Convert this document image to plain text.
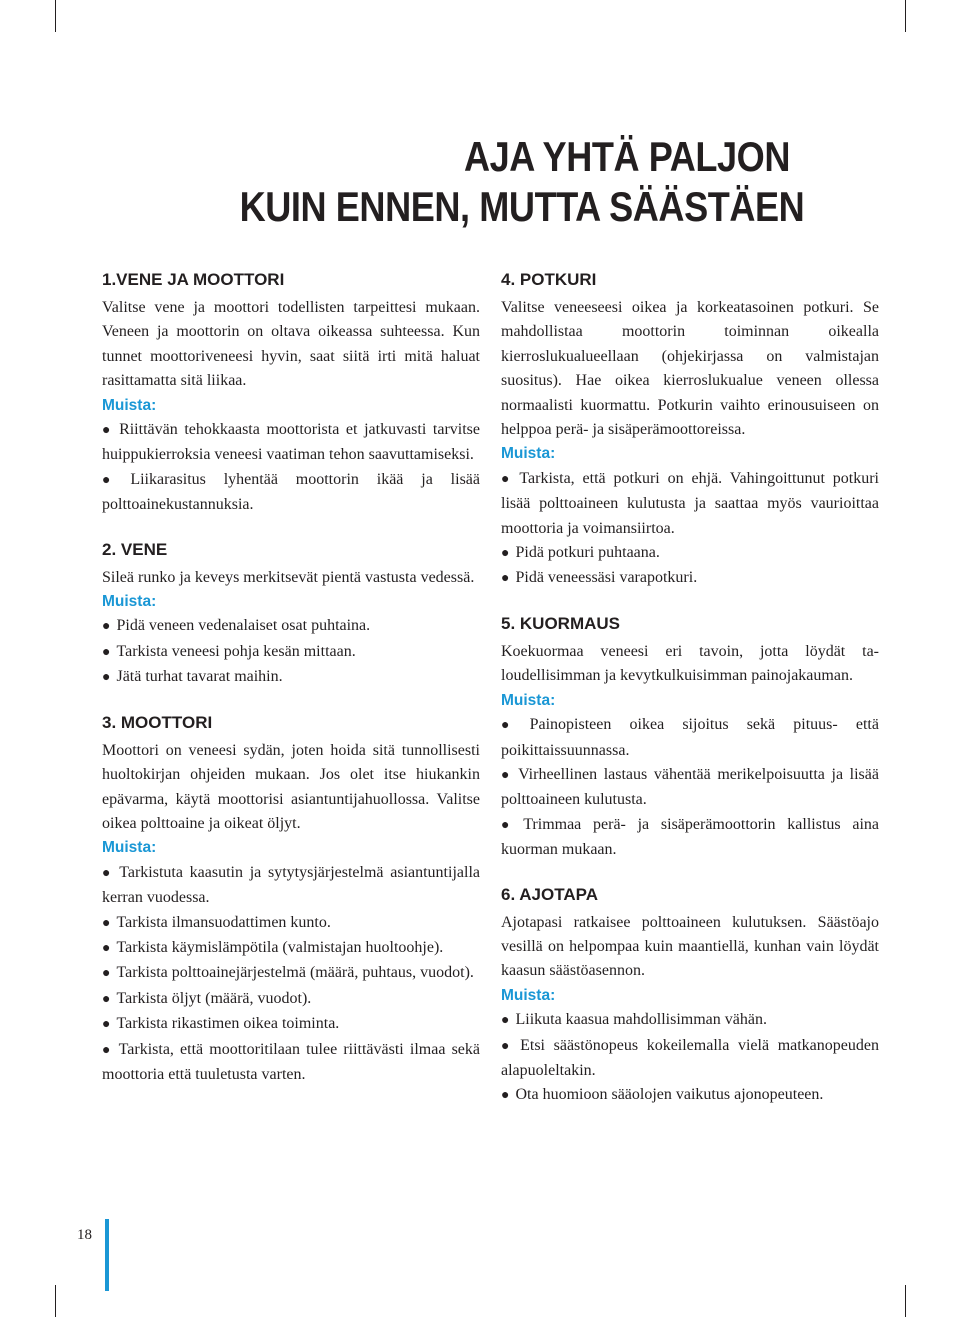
AJA YHTÄ PALJON
KUIN ENNEN, MUTTA SÄÄSTÄEN
1.VENE JA MOOTTORI

Valitse vene ja moottori todellisten tarpeittesi mukaan. Veneen ja moottorin on oltava oikeassa suhteessa. Kun tunnet moottoriveneesi hyvin, saat siitä irti mitä haluat rasittamatta sitä liikaa.

Muista:

● Riittävän tehokkaasta moottorista et jatkuvasti tarvitse huippukierroksia veneesi vaatiman tehon saavuttamiseksi.

● Liikarasitus lyhentää moottorin ikää ja lisää polttoainekustannuksia.

2. VENE

Sileä runko ja keveys merkitsevät pientä vastusta vedessä.

Muista:

● Pidä veneen vedenalaiset osat puhtaina.

● Tarkista veneesi pohja kesän mittaan.

● Jätä turhat tavarat maihin.

3. MOOTTORI

Moottori on veneesi sydän, joten hoida sitä tunnollisesti huoltokirjan ohjeiden mukaan. Jos olet itse hiukankin epävarma, käytä moottorisi asiantuntijahuollossa. Valitse oikea polttoaine ja oikeat öljyt.

Muista:

● Tarkistuta kaasutin ja sytytysjärjestelmä asiantuntijalla kerran vuodessa.

● Tarkista ilmansuodattimen kunto.

● Tarkista käymislämpötila (valmistajan huoltoohje).

● Tarkista polttoainejärjestelmä (määrä, puhtaus, vuodot).

● Tarkista öljyt (määrä, vuodot).

● Tarkista rikastimen oikea toiminta.

● Tarkista, että moottoritilaan tulee riittävästi ilmaa sekä moottoria että tuuletusta varten.

4. POTKURI

Valitse veneeseesi oikea ja korkeatasoinen potkuri. Se mahdollistaa moottorin toiminnan oikealla kierroslukualueellaan (ohjekirjassa on valmistajan suositus). Hae oikea kierroslukualue veneen ollessa normaalisti kuormattu. Potkurin vaihto erinousuiseen on helppoa perä- ja sisäperämoottoreissa.

Muista:

● Tarkista, että potkuri on ehjä. Vahingoittunut potkuri lisää polttoaineen kulutusta ja saattaa myös vaurioittaa moottoria ja voimansiirtoa.

● Pidä potkuri puhtaana.

● Pidä veneessäsi varapotkuri.

5. KUORMAUS

Koekuormaa veneesi eri tavoin, jotta löydät taloudellisimman ja kevytkulkuisimman painojakauman.

Muista:

● Painopisteen oikea sijoitus sekä pituus- että poikittaissuunnassa.

● Virheellinen lastaus vähentää merikelpoisuutta ja lisää polttoaineen kulutusta.

● Trimmaa perä- ja sisäperämoottorin kallistus aina kuorman mukaan.

6. AJOTAPA

Ajotapasi ratkaisee polttoaineen kulutuksen. Säästöajo vesillä on helpompaa kuin maantiellä, kunhan vain löydät kaasun säästöasennon.

Muista:

● Liikuta kaasua mahdollisimman vähän.

● Etsi säästönopeus kokeilemalla vielä matkanopeuden alapuoleltakin.

● Ota huomioon sääolojen vaikutus ajonopeuteen.

18
